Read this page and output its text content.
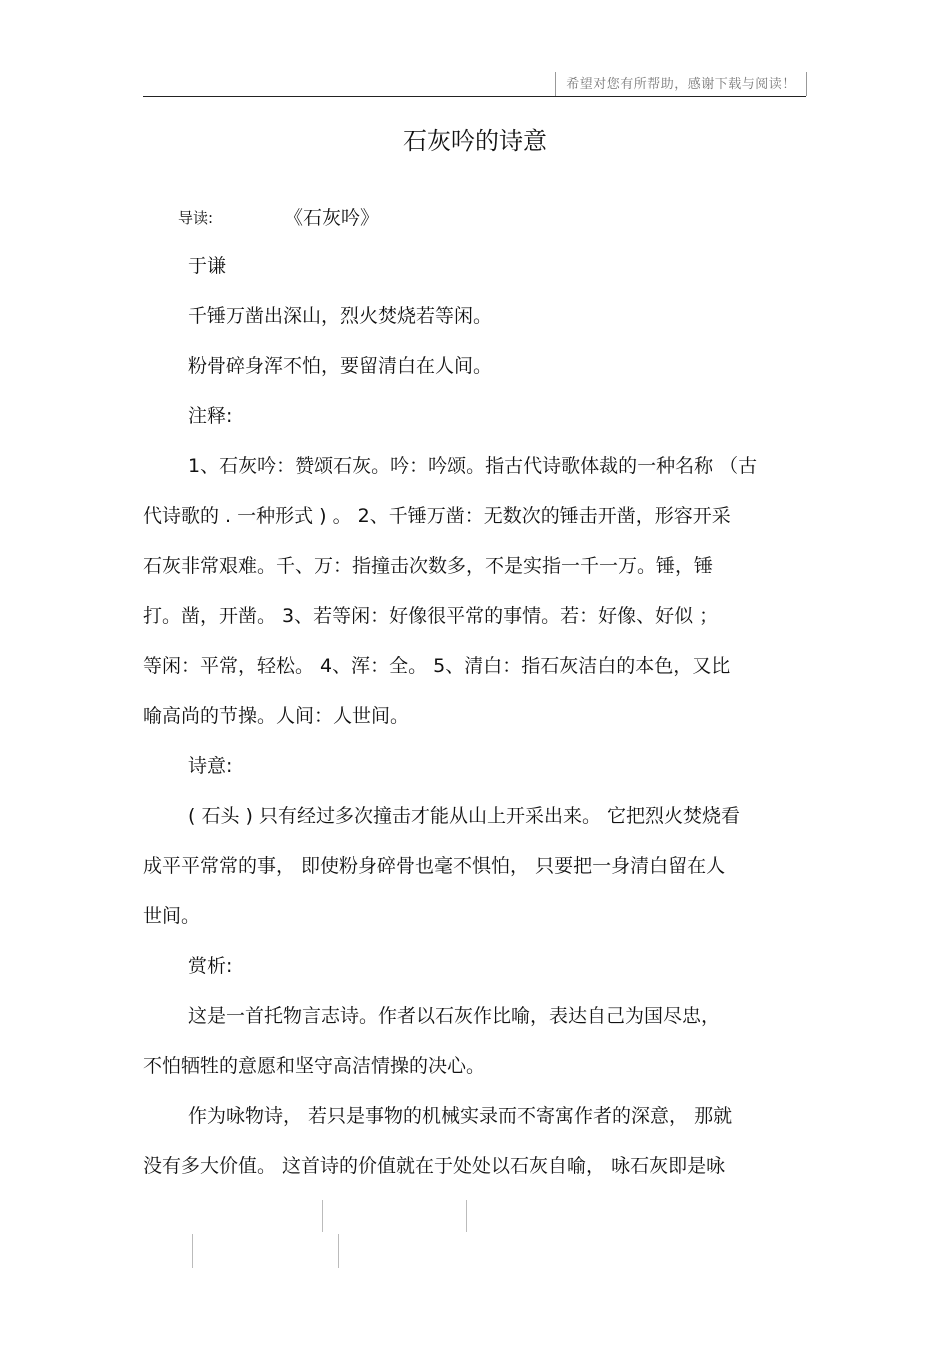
希望对您有所帮助，感谢下载与阅读！
石灰吟的诗意
导读:	《石灰吟》
于谦
千锤万凿出深山，烈火焚烧若等闲。
粉骨碎身浑不怕，要留清白在人间。
注释:
1、石灰吟：赞颂石灰。吟：吟颂。指古代诗歌体裁的一种名称 （古
代诗歌的 . 一种形式 ) 。 2、千锤万凿：无数次的锤击开凿，形容开采
石灰非常艰难。千、万：指撞击次数多，不是实指一千一万。锤，锤
打。凿，开凿。 3、若等闲：好像很平常的事情。若：好像、好似 ；
等闲：平常，轻松。 4、浑：全。 5、清白：指石灰洁白的本色，又比
喻高尚的节操。人间：人世间。
诗意:
( 石头 ) 只有经过多次撞击才能从山上开采出来。 它把烈火焚烧看
成平平常常的事， 即使粉身碎骨也毫不惧怕， 只要把一身清白留在人
世间。
赏析:
这是一首托物言志诗。作者以石灰作比喻，表达自己为国尽忠，
不怕牺牲的意愿和坚守高洁情操的决心。
作为咏物诗， 若只是事物的机械实录而不寄寓作者的深意， 那就
没有多大价值。 这首诗的价值就在于处处以石灰自喻， 咏石灰即是咏
